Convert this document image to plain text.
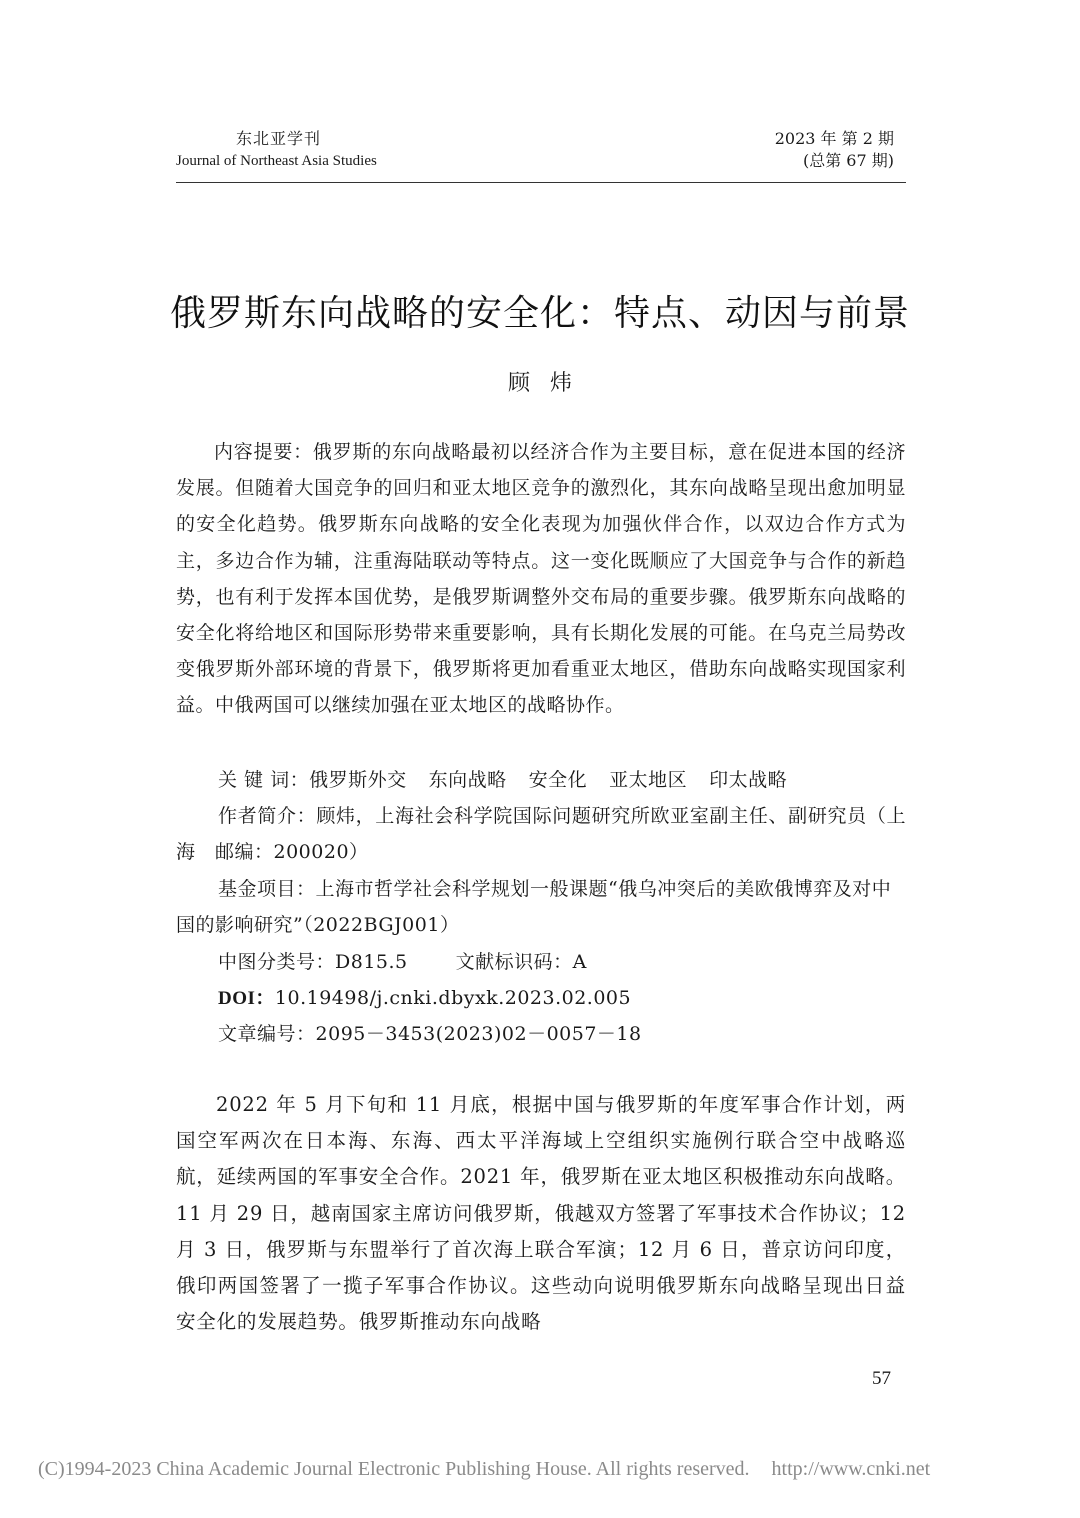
东北亚学刊
Journal of Northeast Asia Studies
2023 年 第 2 期
(总第 67 期)
俄罗斯东向战略的安全化：特点、动因与前景
顾炜
内容提要：俄罗斯的东向战略最初以经济合作为主要目标，意在促进本国的经济发展。但随着大国竞争的回归和亚太地区竞争的激烈化，其东向战略呈现出愈加明显的安全化趋势。俄罗斯东向战略的安全化表现为加强伙伴合作，以双边合作方式为主，多边合作为辅，注重海陆联动等特点。这一变化既顺应了大国竞争与合作的新趋势，也有利于发挥本国优势，是俄罗斯调整外交布局的重要步骤。俄罗斯东向战略的安全化将给地区和国际形势带来重要影响，具有长期化发展的可能。在乌克兰局势改变俄罗斯外部环境的背景下，俄罗斯将更加看重亚太地区，借助东向战略实现国家利益。中俄两国可以继续加强在亚太地区的战略协作。
关 键 词：俄罗斯外交 东向战略 安全化 亚太地区 印太战略
作者简介：顾炜，上海社会科学院国际问题研究所欧亚室副主任、副研究员（上海　邮编：200020）
基金项目：上海市哲学社会科学规划一般课题“俄乌冲突后的美欧俄博弈及对中国的影响研究”（2022BGJ001）
中图分类号：D815.5	文献标识码：A
DOI：10.19498/j.cnki.dbyxk.2023.02.005
文章编号：2095－3453(2023)02－0057－18
2022 年 5 月下旬和 11 月底，根据中国与俄罗斯的年度军事合作计划，两国空军两次在日本海、东海、西太平洋海域上空组织实施例行联合空中战略巡航，延续两国的军事安全合作。2021 年，俄罗斯在亚太地区积极推动东向战略。11 月 29 日，越南国家主席访问俄罗斯，俄越双方签署了军事技术合作协议；12 月 3 日，俄罗斯与东盟举行了首次海上联合军演；12 月 6 日，普京访问印度，俄印两国签署了一揽子军事合作协议。这些动向说明俄罗斯东向战略呈现出日益安全化的发展趋势。俄罗斯推动东向战略
57
(C)1994-2023 China Academic Journal Electronic Publishing House. All rights reserved. http://www.cnki.net
